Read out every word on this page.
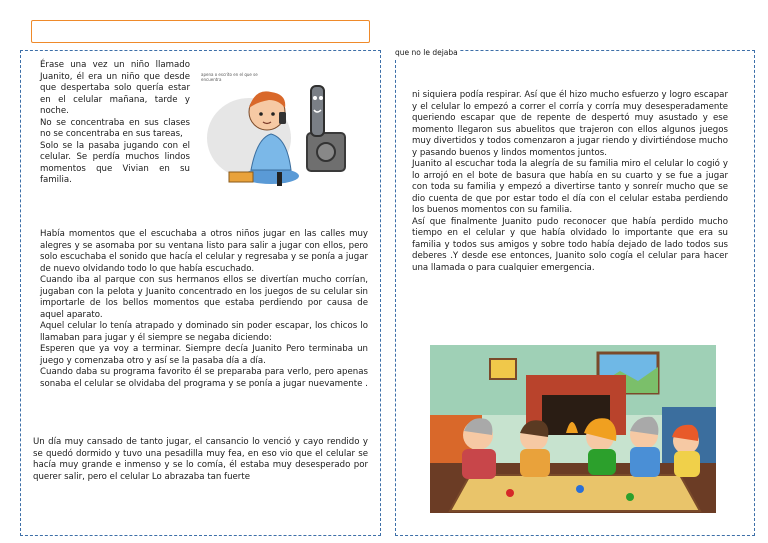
que no le dejaba

Érase una vez un niño llamado Juanito, él era un niño que desde que despertaba solo quería estar en el celular mañana, tarde y noche.

No se concentraba en sus clases no se concentraba en sus tareas,

Solo se la pasaba jugando con el celular. Se perdía muchos lindos momentos que Vivian en su familia.

apena o escrito en el que se encuentra

Había momentos que el escuchaba a otros niños jugar en las calles muy alegres y se asomaba por su ventana listo para salir a jugar con ellos, pero solo escuchaba el sonido que hacía el celular y regresaba y se ponía a jugar de nuevo olvidando todo lo que había escuchado.

Cuando iba al parque con sus hermanos ellos se divertían mucho corrían, jugaban con la pelota y Juanito concentrado en los juegos de su celular sin importarle de los bellos momentos que estaba perdiendo por causa de aquel aparato.

Aquel celular lo tenía atrapado y dominado sin poder escapar, los chicos lo llamaban para jugar y él siempre se negaba diciendo:

Esperen que ya voy a terminar. Siempre decía Juanito Pero terminaba un juego y comenzaba otro y así se la pasaba día a día.

Cuando daba su programa favorito él se preparaba para verlo, pero apenas sonaba el celular se olvidaba del programa y se ponía a jugar nuevamente .

Un día muy cansado de tanto jugar, el cansancio lo venció y cayo rendido y se quedó dormido y tuvo una pesadilla muy fea, en eso vio que el celular se hacía muy grande e inmenso y se lo comía, él estaba muy desesperado por querer salir, pero el celular Lo abrazaba tan fuerte

ni siquiera podía respirar. Así que él hizo mucho esfuerzo y logro escapar y el celular lo empezó a correr el corría y corría muy desesperadamente queriendo escapar que de repente de despertó muy asustado y ese momento llegaron sus abuelitos que trajeron con ellos algunos juegos muy divertidos y todos comenzaron a jugar riendo y divirtiéndose mucho y pasando buenos y lindos momentos juntos.

Juanito al escuchar toda la alegría de su familia miro el celular lo cogió y lo arrojó en el bote de basura que había en su cuarto y se fue a jugar con toda su familia y empezó a divertirse tanto y sonreír mucho que se dio cuenta de que por estar todo el día con el celular estaba perdiendo los buenos momentos con su familia.

Así que finalmente Juanito pudo reconocer que había perdido mucho tiempo en el celular y que había olvidado lo importante que era su familia y todos sus amigos y sobre todo había dejado de lado todos sus deberes .Y desde ese entonces, Juanito solo cogía el celular para hacer una llamada o para cualquier emergencia.
